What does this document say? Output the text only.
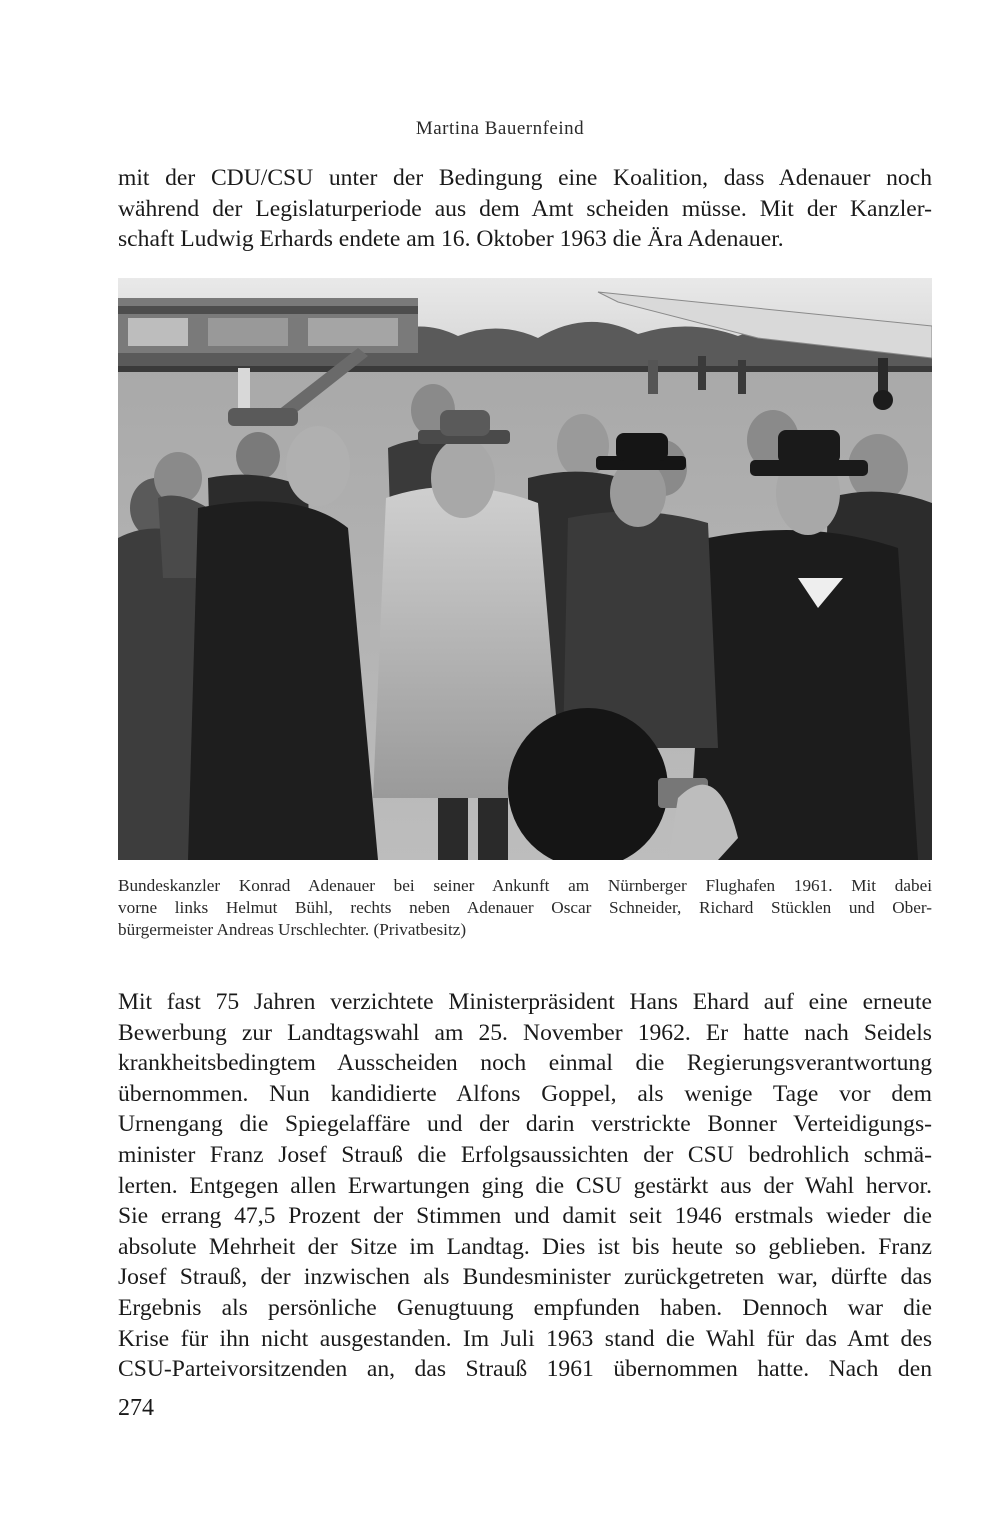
Martina Bauernfeind
mit der CDU/CSU unter der Bedingung eine Koalition, dass Adenauer noch
während der Legislaturperiode aus dem Amt scheiden müsse. Mit der Kanzler-
schaft Ludwig Erhards endete am 16. Oktober 1963 die Ära Adenauer.
Bundeskanzler Konrad Adenauer bei seiner Ankunft am Nürnberger Flughafen 1961. Mit dabei
vorne links Helmut Bühl, rechts neben Adenauer Oscar Schneider, Richard Stücklen und Ober-
bürgermeister Andreas Urschlechter. (Privatbesitz)
Mit fast 75 Jahren verzichtete Ministerpräsident Hans Ehard auf eine erneute
Bewerbung zur Landtagswahl am 25. November 1962. Er hatte nach Seidels
krankheitsbedingtem Ausscheiden noch einmal die Regierungsverantwortung
übernommen. Nun kandidierte Alfons Goppel, als wenige Tage vor dem
Urnengang die Spiegelaffäre und der darin verstrickte Bonner Verteidigungs-
minister Franz Josef Strauß die Erfolgsaussichten der CSU bedrohlich schmä-
lerten. Entgegen allen Erwartungen ging die CSU gestärkt aus der Wahl hervor.
Sie errang 47,5 Prozent der Stimmen und damit seit 1946 erstmals wieder die
absolute Mehrheit der Sitze im Landtag. Dies ist bis heute so geblieben. Franz
Josef Strauß, der inzwischen als Bundesminister zurückgetreten war, dürfte das
Ergebnis als persönliche Genugtuung empfunden haben. Dennoch war die
Krise für ihn nicht ausgestanden. Im Juli 1963 stand die Wahl für das Amt des
CSU-Parteivorsitzenden an, das Strauß 1961 übernommen hatte. Nach den
274
